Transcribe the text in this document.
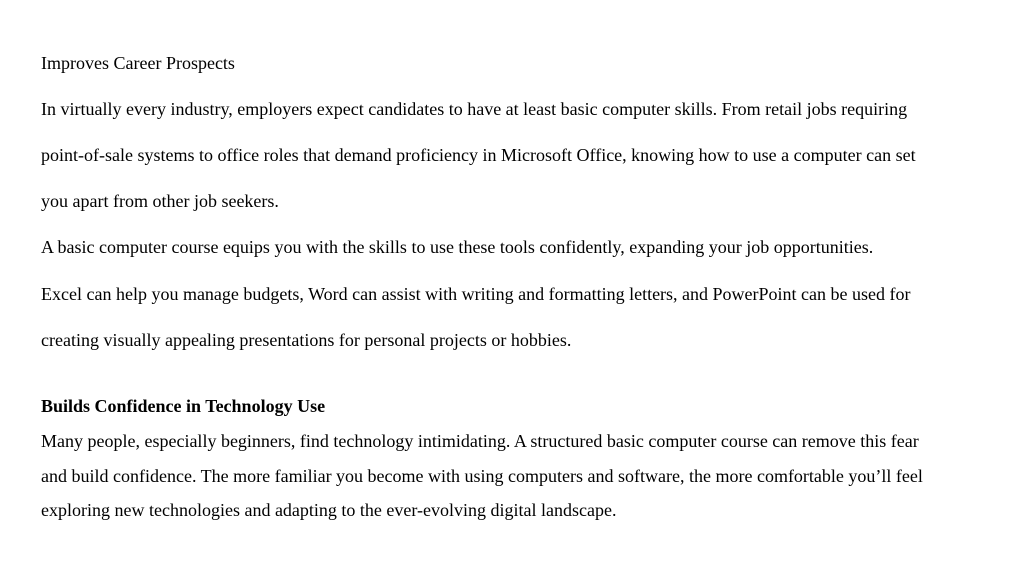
Improves Career Prospects
In virtually every industry, employers expect candidates to have at least basic computer skills. From retail jobs requiring
point-of-sale systems to office roles that demand proficiency in Microsoft Office, knowing how to use a computer can set
you apart from other job seekers.
A basic computer course equips you with the skills to use these tools confidently, expanding your job opportunities.
Excel can help you manage budgets, Word can assist with writing and formatting letters, and PowerPoint can be used for
creating visually appealing presentations for personal projects or hobbies.
Builds Confidence in Technology Use
Many people, especially beginners, find technology intimidating. A structured basic computer course can remove this fear
and build confidence. The more familiar you become with using computers and software, the more comfortable you’ll feel
exploring new technologies and adapting to the ever-evolving digital landscape.
